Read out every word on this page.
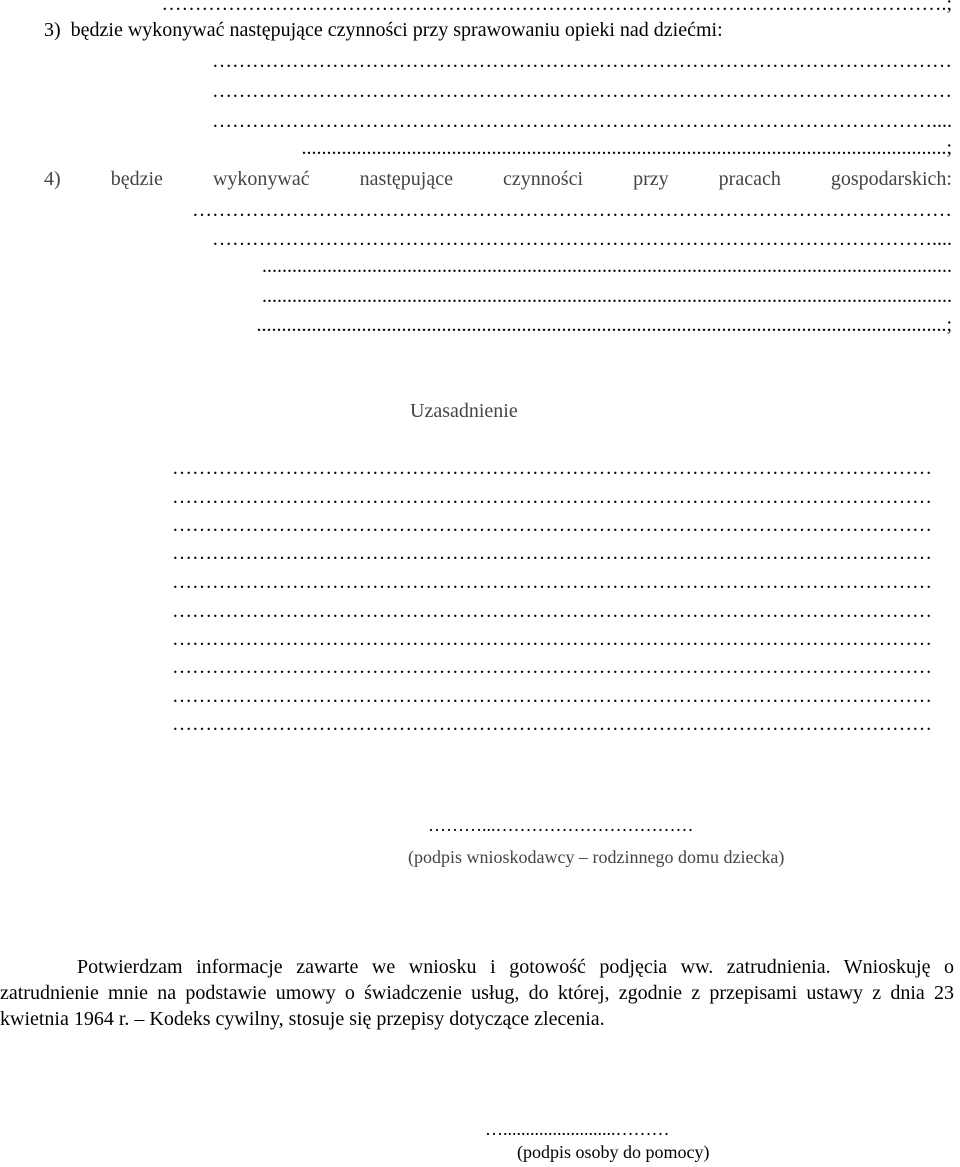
……………………………………………………………………………………………………….;
3)  będzie wykonywać następujące czynności przy sprawowaniu opieki nad dziećmi:
…………………………………………………………………………………………………
…………………………………………………………………………………………………
………………………………………………………………………………………………....
.................................................................................................................................;
4)  będzie  wykonywać  następujące  czynności  przy  pracach  gospodarskich:
……………………………………………………………………………………………………
………………………………………………………………………………………………....
..........................................................................................................................................
..........................................................................................................................................
..........................................................................................................................................;
Uzasadnienie
……………………………………………………………………………………………………
……………………………………………………………………………………………………
……………………………………………………………………………………………………
……………………………………………………………………………………………………
……………………………………………………………………………………………………
……………………………………………………………………………………………………
……………………………………………………………………………………………………
……………………………………………………………………………………………………
……………………………………………………………………………………………………
……………………………………………………………………………………………………
………...……………………………
(podpis wnioskodawcy – rodzinnego domu dziecka)
Potwierdzam informacje zawarte we wniosku i gotowość podjęcia ww. zatrudnienia. Wnioskuję o zatrudnienie mnie na podstawie umowy o świadczenie usług, do której, zgodnie z przepisami ustawy z dnia 23 kwietnia 1964 r. – Kodeks cywilny, stosuje się przepisy dotyczące zlecenia.
….........................………
(podpis osoby do pomocy)
